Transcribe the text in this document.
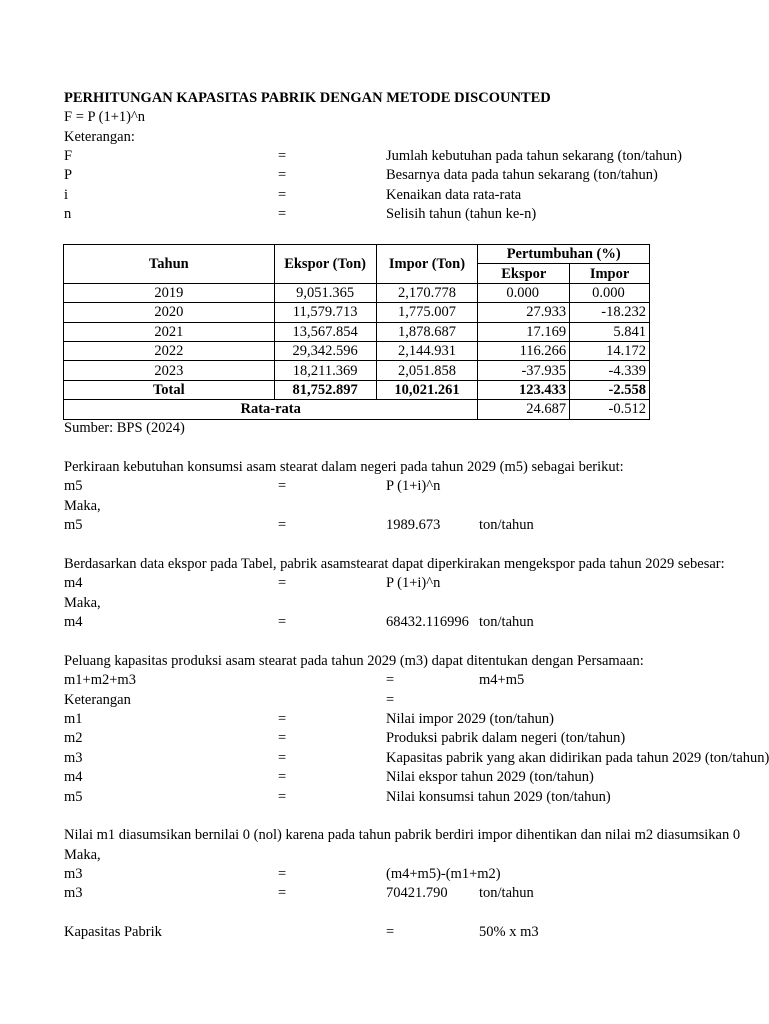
PERHITUNGAN KAPASITAS PABRIK DENGAN METODE DISCOUNTED
F = P (1+1)^n
Keterangan:
F	=	Jumlah kebutuhan pada tahun sekarang (ton/tahun)
P	=	Besarnya data pada tahun sekarang (ton/tahun)
i	=	Kenaikan data rata-rata
n	=	Selisih tahun (tahun ke-n)
Tahun	Ekspor (Ton)	Impor (Ton)	Pertumbuhan (%)	
			Ekspor	Impor
2019	9,051.365	2,170.778	0.000	0.000
2020	11,579.713	1,775.007	27.933	-18.232
2021	13,567.854	1,878.687	17.169	5.841
2022	29,342.596	2,144.931	116.266	14.172
2023	18,211.369	2,051.858	-37.935	-4.339
Total	81,752.897	10,021.261	123.433	-2.558
Rata-rata			24.687	-0.512
Sumber: BPS (2024)
Perkiraan kebutuhan konsumsi asam stearat dalam negeri pada tahun 2029 (m5) sebagai berikut:
m5	=	P (1+i)^n
Maka,
m5	=	1989.673	ton/tahun
Berdasarkan data ekspor pada Tabel, pabrik asamstearat dapat diperkirakan mengekspor pada tahun 2029 sebesar:
m4	=	P (1+i)^n
Maka,
m4	=	68432.116996 ton/tahun
Peluang kapasitas produksi asam stearat pada tahun 2029 (m3) dapat ditentukan dengan Persamaan:
m1+m2+m3	=	m4+m5
Keterangan	=
m1	=	Nilai impor 2029 (ton/tahun)
m2	=	Produksi pabrik dalam negeri (ton/tahun)
m3	=	Kapasitas pabrik yang akan didirikan pada tahun 2029 (ton/tahun)
m4	=	Nilai ekspor tahun 2029 (ton/tahun)
m5	=	Nilai konsumsi tahun 2029 (ton/tahun)
Nilai m1 diasumsikan bernilai 0 (nol) karena pada tahun pabrik berdiri impor dihentikan dan nilai m2 diasumsikan 0
Maka,
m3	=	(m4+m5)-(m1+m2)
m3	=	70421.790 ton/tahun
Kapasitas Pabrik	=	50% x m3
